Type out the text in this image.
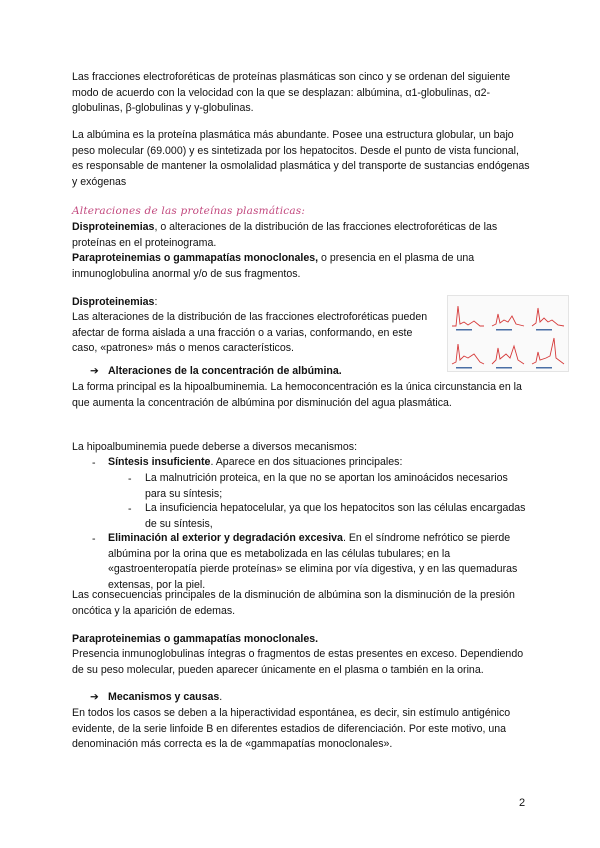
Las fracciones electroforéticas de proteínas plasmáticas son cinco y se ordenan del siguiente modo de acuerdo con la velocidad con la que se desplazan: albúmina, α1-globulinas, α2-globulinas, β-globulinas y γ-globulinas.
La albúmina es la proteína plasmática más abundante. Posee una estructura globular, un bajo peso molecular (69.000) y es sintetizada por los hepatocitos. Desde el punto de vista funcional, es responsable de mantener la osmolalidad plasmática y del transporte de sustancias endógenas y exógenas
Alteraciones de las proteínas plasmáticas:
Disproteinemias, o alteraciones de la distribución de las fracciones electroforéticas de las proteínas en el proteinograma.
Paraproteinemias o gammapatías monoclonales, o presencia en el plasma de una inmunoglobulina anormal y/o de sus fragmentos.
Disproteinemias:
Las alteraciones de la distribución de las fracciones electroforéticas pueden afectar de forma aislada a una fracción o a varias, conformando, en este caso, «patrones» más o menos característicos.
➔ Alteraciones de la concentración de albúmina.
La forma principal es la hipoalbuminemia. La hemoconcentración es la única circunstancia en la que aumenta la concentración de albúmina por disminución del agua plasmática.
La hipoalbuminemia puede deberse a diversos mecanismos:
- Síntesis insuficiente. Aparece en dos situaciones principales:
- La malnutrición proteica, en la que no se aportan los aminoácidos necesarios para su síntesis;
- La insuficiencia hepatocelular, ya que los hepatocitos son las células encargadas de su síntesis,
- Eliminación al exterior y degradación excesiva. En el síndrome nefrótico se pierde albúmina por la orina que es metabolizada en las células tubulares; en la «gastroenteropatía pierde proteínas» se elimina por vía digestiva, y en las quemaduras extensas, por la piel.
Las consecuencias principales de la disminución de albúmina son la disminución de la presión oncótica y la aparición de edemas.
Paraproteinemias o gammapatías monoclonales.
Presencia inmunoglobulinas íntegras o fragmentos de estas presentes en exceso. Dependiendo de su peso molecular, pueden aparecer únicamente en el plasma o también en la orina.
➔ Mecanismos y causas.
En todos los casos se deben a la hiperactividad espontánea, es decir, sin estímulo antigénico evidente, de la serie linfoide B en diferentes estadios de diferenciación. Por este motivo, una denominación más correcta es la de «gammapatías monoclonales».
2
